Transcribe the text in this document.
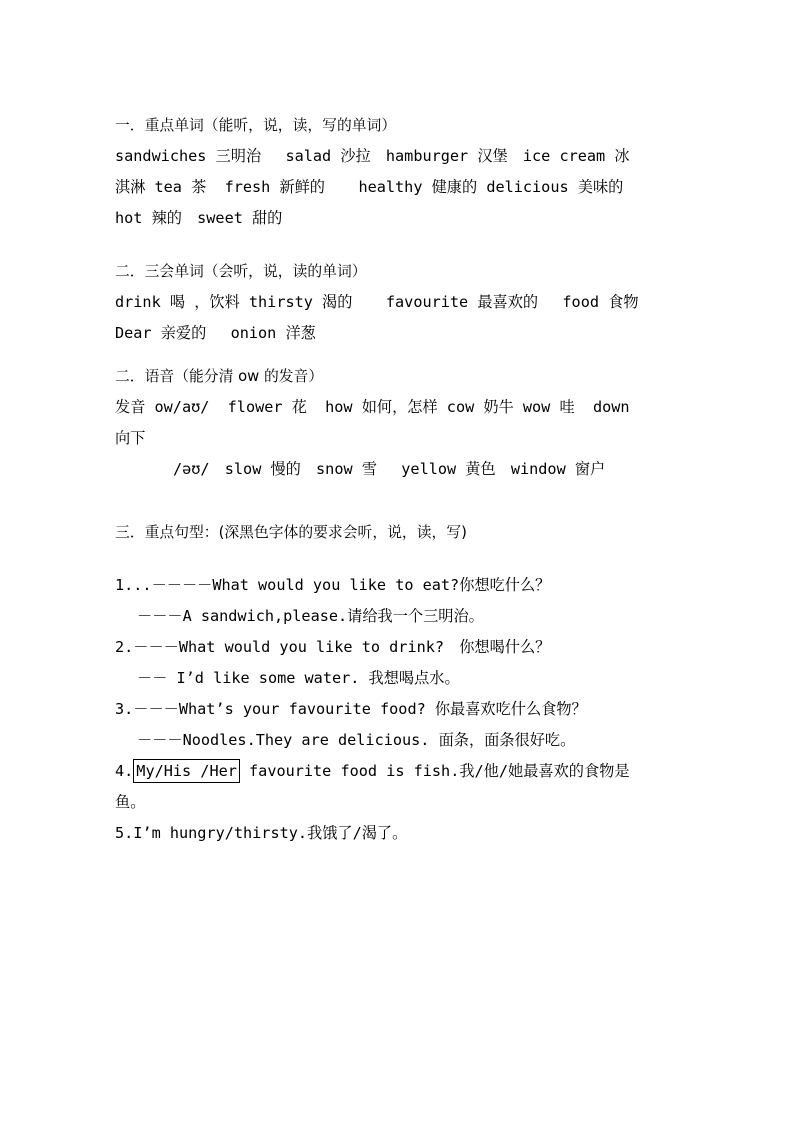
一．重点单词（能听，说，读，写的单词）
sandwiches 三明治　 salad 沙拉　hamburger 汉堡　ice cream 冰
淇淋 tea 茶  fresh 新鲜的 　 healthy 健康的 delicious 美味的
hot 辣的　sweet 甜的
二．三会单词（会听，说，读的单词）
drink 喝 ，饮料 thirsty 渴的 　 favourite 最喜欢的 　food 食物
Dear 亲爱的 　onion 洋葱
二．语音（能分清 ow 的发音）
发音 ow/aʊ/  flower 花  how 如何，怎样 cow 奶牛 wow 哇  down
向下
/əʊ/　slow 慢的　snow 雪　 yellow 黄色　window 窗户
三．重点句型：(深黑色字体的要求会听，说，读，写)
1...－－－－What would you like to eat?你想吃什么？
－－－A sandwich,please.请给我一个三明治。
2.－－－What would you like to drink?　你想喝什么？
－－ I’d like some water. 我想喝点水。
3.－－－What’s your favourite food? 你最喜欢吃什么食物？
－－－Noodles.They are delicious. 面条，面条很好吃。
4. My/His /Her favourite food is fish.我/他/她最喜欢的食物是
鱼。
5.I’m hungry/thirsty.我饿了/渴了。
